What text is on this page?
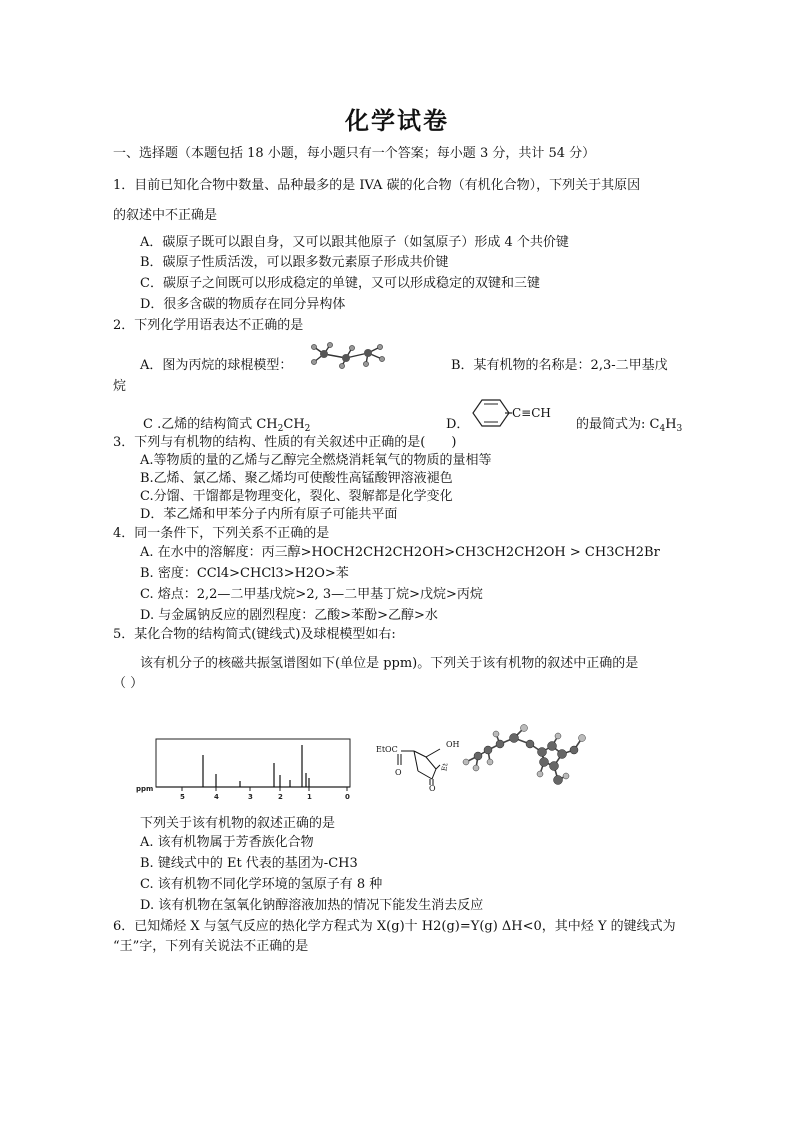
化学试卷
一、选择题（本题包括 18 小题，每小题只有一个答案；每小题 3 分，共计 54 分）
1．目前已知化合物中数量、品种最多的是 IVA 碳的化合物（有机化合物），下列关于其原因
的叙述中不正确是
A．碳原子既可以跟自身，又可以跟其他原子（如氢原子）形成 4 个共价键
B．碳原子性质活泼，可以跟多数元素原子形成共价键
C．碳原子之间既可以形成稳定的单键，又可以形成稳定的双键和三键
D．很多含碳的物质存在同分异构体
2．下列化学用语表达不正确的是
A．图为丙烷的球棍模型：	B．某有机物的名称是：2,3-二甲基戊
烷
C .乙烯的结构简式 $CH_2CH_2$	D．
C≡CH
的最简式为: $C_4H_3$
3．下列与有机物的结构、性质的有关叙述中正确的是(　　)
A.等物质的量的乙烯与乙醇完全燃烧消耗氧气的物质的量相等
B.乙烯、氯乙烯、聚乙烯均可使酸性高锰酸钾溶液褪色
C.分馏、干馏都是物理变化，裂化、裂解都是化学变化
D．苯乙烯和甲苯分子内所有原子可能共平面
4．同一条件下，下列关系不正确的是
A. 在水中的溶解度：丙三醇>HOCH2CH2CH2OH>CH3CH2CH2OH > CH3CH2Br
B. 密度：CCl4>CHCl3>H2O>苯
C. 熔点：2,2—二甲基戊烷>2, 3—二甲基丁烷>戊烷>丙烷
D. 与金属钠反应的剧烈程度：乙酸>苯酚>乙醇>水
5．某化合物的结构简式(键线式)及球棍模型如右:
该有机分子的核磁共振氢谱图如下(单位是 ppm)。下列关于该有机物的叙述中正确的是
（ ）
ppm
5	4	3	2	1	0
EtOC
OH
O
O
Et
下列关于该有机物的叙述正确的是
A. 该有机物属于芳香族化合物
B. 键线式中的 Et 代表的基团为-CH3
C. 该有机物不同化学环境的氢原子有 8 种
D. 该有机物在氢氧化钠醇溶液加热的情况下能发生消去反应
6．已知烯烃 X 与氢气反应的热化学方程式为 X(g)十 H2(g)=Y(g) ΔH<0，其中烃 Y 的键线式为
“王”字，下列有关说法不正确的是
